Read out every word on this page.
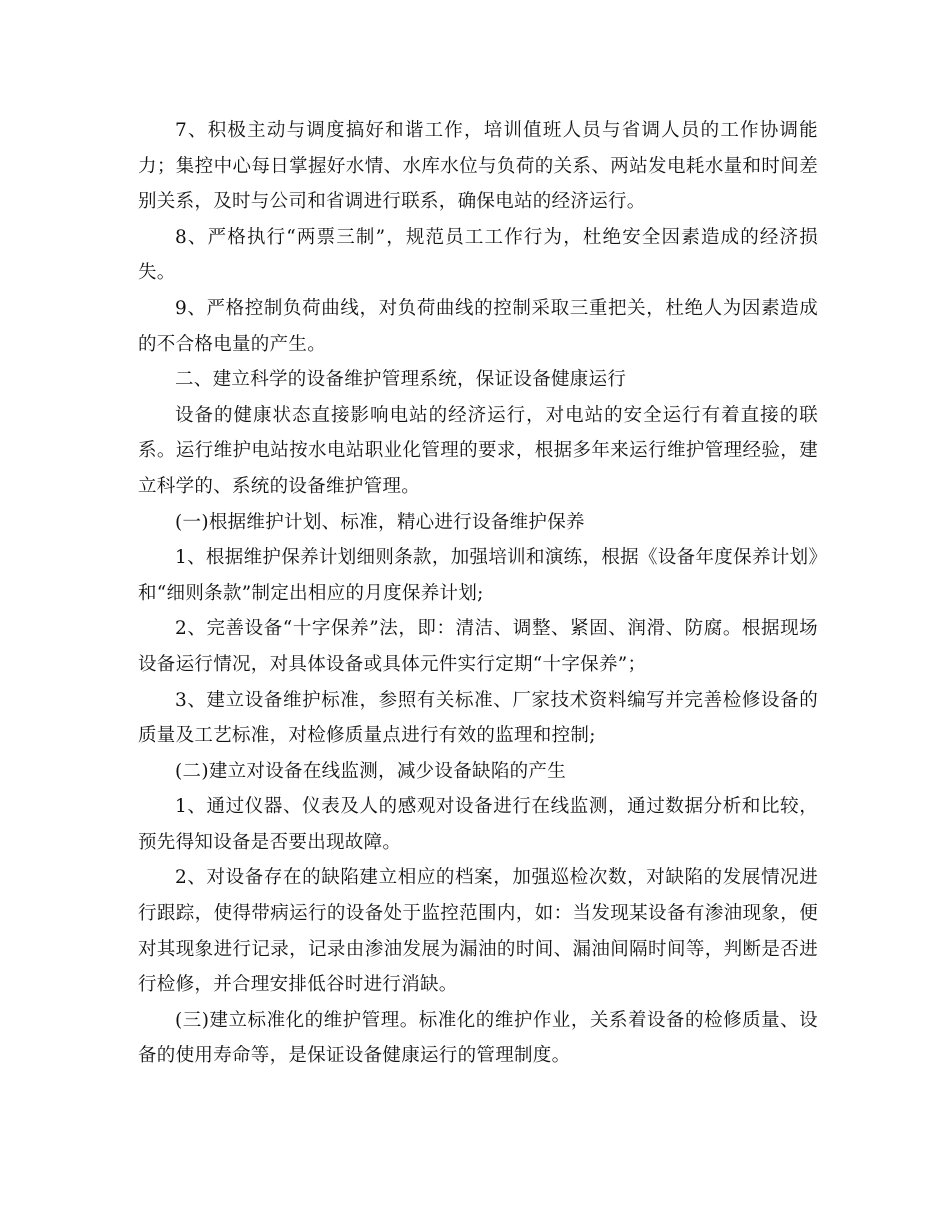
7、积极主动与调度搞好和谐工作，培训值班人员与省调人员的工作协调能力；集控中心每日掌握好水情、水库水位与负荷的关系、两站发电耗水量和时间差别关系，及时与公司和省调进行联系，确保电站的经济运行。

8、严格执行“两票三制”，规范员工工作行为，杜绝安全因素造成的经济损失。

9、严格控制负荷曲线，对负荷曲线的控制采取三重把关，杜绝人为因素造成的不合格电量的产生。

二、建立科学的设备维护管理系统，保证设备健康运行

设备的健康状态直接影响电站的经济运行，对电站的安全运行有着直接的联系。运行维护电站按水电站职业化管理的要求，根据多年来运行维护管理经验，建立科学的、系统的设备维护管理。

(一)根据维护计划、标准，精心进行设备维护保养

1、根据维护保养计划细则条款，加强培训和演练，根据《设备年度保养计划》和“细则条款”制定出相应的月度保养计划;

2、完善设备“十字保养”法，即：清洁、调整、紧固、润滑、防腐。根据现场设备运行情况，对具体设备或具体元件实行定期“十字保养”；

3、建立设备维护标准，参照有关标准、厂家技术资料编写并完善检修设备的质量及工艺标准，对检修质量点进行有效的监理和控制;

(二)建立对设备在线监测，减少设备缺陷的产生

1、通过仪器、仪表及人的感观对设备进行在线监测，通过数据分析和比较，预先得知设备是否要出现故障。

2、对设备存在的缺陷建立相应的档案，加强巡检次数，对缺陷的发展情况进行跟踪，使得带病运行的设备处于监控范围内，如：当发现某设备有渗油现象，便对其现象进行记录，记录由渗油发展为漏油的时间、漏油间隔时间等，判断是否进行检修，并合理安排低谷时进行消缺。

(三)建立标准化的维护管理。标准化的维护作业，关系着设备的检修质量、设备的使用寿命等，是保证设备健康运行的管理制度。
